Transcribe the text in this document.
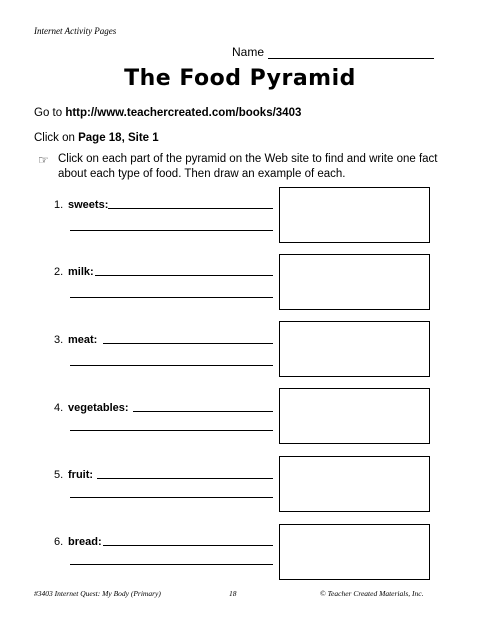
Internet Activity Pages
Name
The Food Pyramid
Go to http://www.teachercreated.com/books/3403
Click on Page 18, Site 1
☞ Click on each part of the pyramid on the Web site to find and write one fact
about each type of food. Then draw an example of each.
1. sweets:
2. milk:
3. meat:
4. vegetables:
5. fruit:
6. bread:
#3403 Internet Quest: My Body (Primary)	18	© Teacher Created Materials, Inc.
